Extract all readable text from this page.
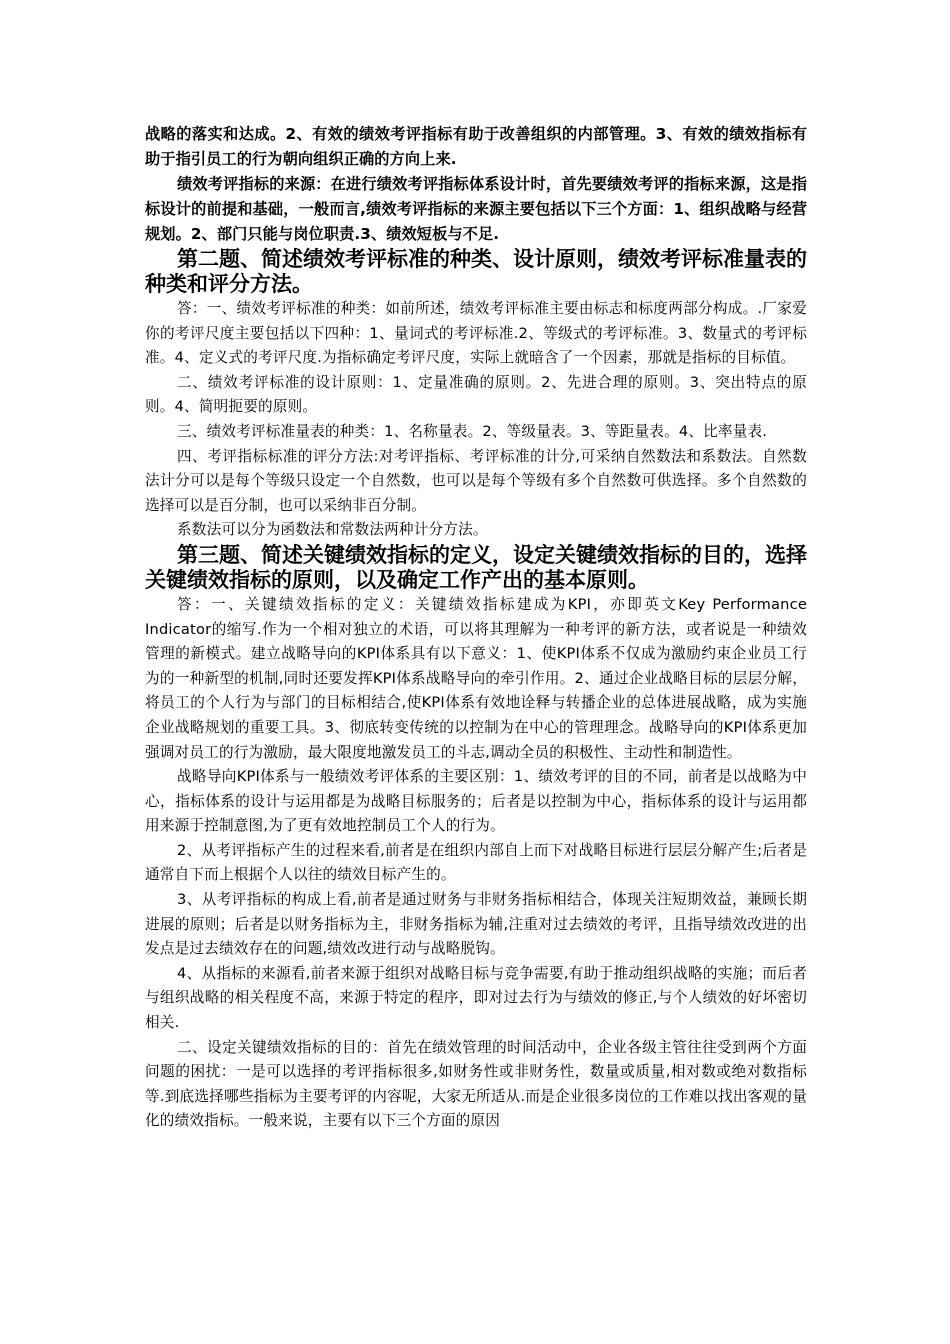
战略的落实和达成。2、有效的绩效考评指标有助于改善组织的内部管理。3、有效的绩效指标有助于指引员工的行为朝向组织正确的方向上来.

绩效考评指标的来源：在进行绩效考评指标体系设计时，首先要绩效考评的指标来源，这是指标设计的前提和基础，一般而言,绩效考评指标的来源主要包括以下三个方面：1、组织战略与经营规划。2、部门只能与岗位职责.3、绩效短板与不足.

第二题、简述绩效考评标准的种类、设计原则，绩效考评标准量表的种类和评分方法。

答：一、绩效考评标准的种类：如前所述，绩效考评标准主要由标志和标度两部分构成。.厂家爱你的考评尺度主要包括以下四种：1、量词式的考评标准.2、等级式的考评标准。3、数量式的考评标准。4、定义式的考评尺度.为指标确定考评尺度，实际上就暗含了一个因素，那就是指标的目标值。

二、绩效考评标准的设计原则：1、定量准确的原则。2、先进合理的原则。3、突出特点的原则。4、简明扼要的原则。

三、绩效考评标准量表的种类：1、名称量表。2、等级量表。3、等距量表。4、比率量表.

四、考评指标标准的评分方法:对考评指标、考评标准的计分,可采纳自然数法和系数法。自然数法计分可以是每个等级只设定一个自然数，也可以是每个等级有多个自然数可供选择。多个自然数的选择可以是百分制，也可以采纳非百分制。

系数法可以分为函数法和常数法两种计分方法。

第三题、简述关键绩效指标的定义，设定关键绩效指标的目的，选择关键绩效指标的原则，以及确定工作产出的基本原则。

答：一、关键绩效指标的定义：关键绩效指标建成为KPI，亦即英文Key Performance Indicator的缩写.作为一个相对独立的术语，可以将其理解为一种考评的新方法，或者说是一种绩效管理的新模式。建立战略导向的KPI体系具有以下意义：1、使KPI体系不仅成为激励约束企业员工行为的一种新型的机制,同时还要发挥KPI体系战略导向的牵引作用。2、通过企业战略目标的层层分解，将员工的个人行为与部门的目标相结合,使KPI体系有效地诠释与转播企业的总体进展战略，成为实施企业战略规划的重要工具。3、彻底转变传统的以控制为在中心的管理理念。战略导向的KPI体系更加强调对员工的行为激励，最大限度地激发员工的斗志,调动全员的积极性、主动性和制造性。

战略导向KPI体系与一般绩效考评体系的主要区别：1、绩效考评的目的不同，前者是以战略为中心，指标体系的设计与运用都是为战略目标服务的；后者是以控制为中心，指标体系的设计与运用都用来源于控制意图,为了更有效地控制员工个人的行为。

2、从考评指标产生的过程来看,前者是在组织内部自上而下对战略目标进行层层分解产生;后者是通常自下而上根据个人以往的绩效目标产生的。

3、从考评指标的构成上看,前者是通过财务与非财务指标相结合，体现关注短期效益，兼顾长期进展的原则；后者是以财务指标为主，非财务指标为辅,注重对过去绩效的考评，且指导绩效改进的出发点是过去绩效存在的问题,绩效改进行动与战略脱钩。

4、从指标的来源看,前者来源于组织对战略目标与竞争需要,有助于推动组织战略的实施；而后者与组织战略的相关程度不高，来源于特定的程序，即对过去行为与绩效的修正,与个人绩效的好坏密切相关.

二、设定关键绩效指标的目的：首先在绩效管理的时间活动中，企业各级主管往往受到两个方面问题的困扰：一是可以选择的考评指标很多,如财务性或非财务性，数量或质量,相对数或绝对数指标等.到底选择哪些指标为主要考评的内容呢，大家无所适从.而是企业很多岗位的工作难以找出客观的量化的绩效指标。一般来说，主要有以下三个方面的原因
